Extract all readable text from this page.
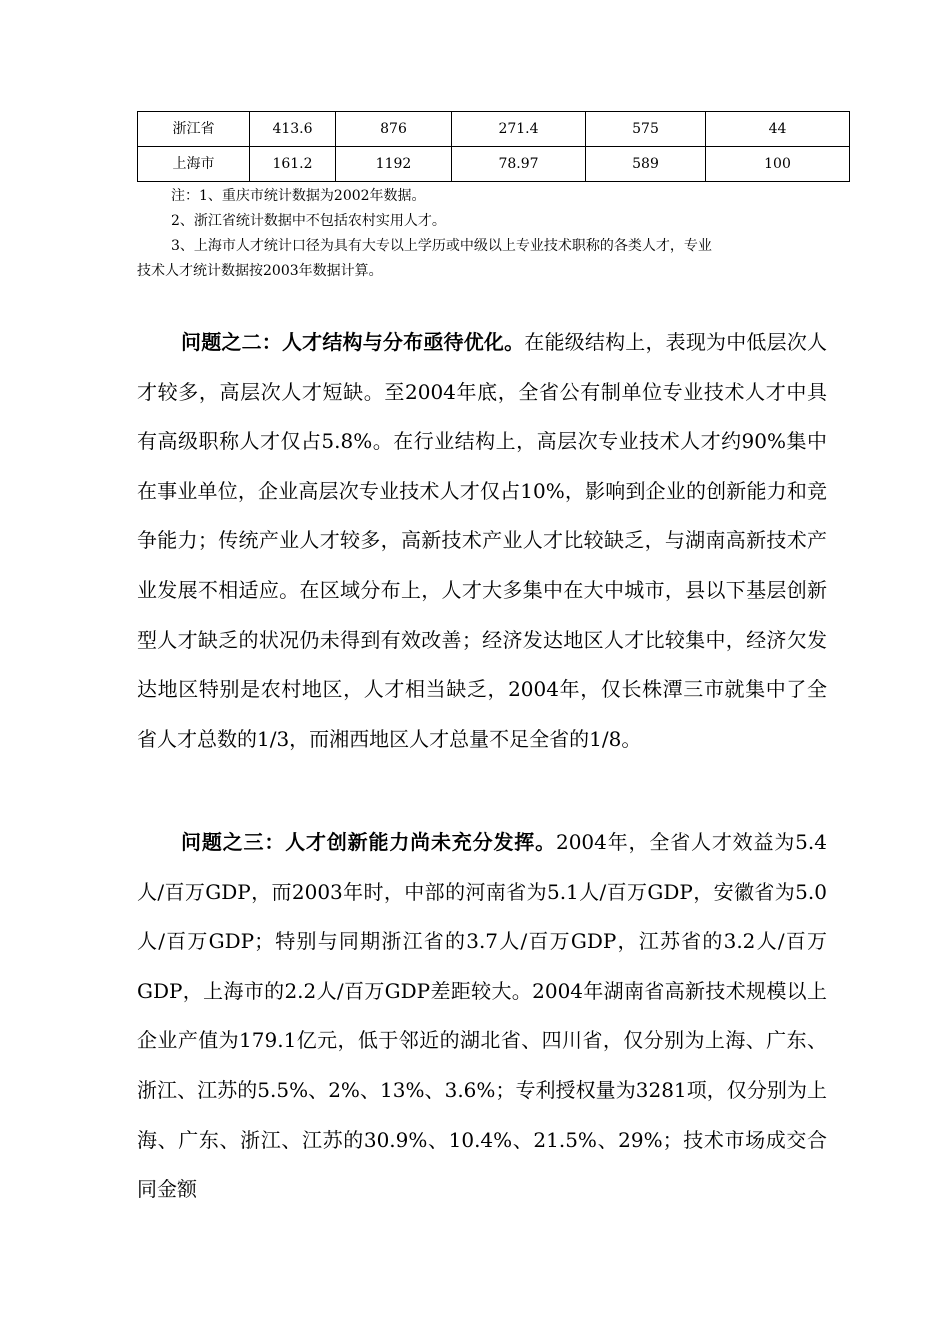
浙江省	413.6	876	271.4	575	44
上海市	161.2	1192	78.97	589	100
注：1、重庆市统计数据为2002年数据。
2、浙江省统计数据中不包括农村实用人才。
3、上海市人才统计口径为具有大专以上学历或中级以上专业技术职称的各类人才，专业
技术人才统计数据按2003年数据计算。

问题之二：人才结构与分布亟待优化。在能级结构上，表现为中低层次人才较多，高层次人才短缺。至2004年底，全省公有制单位专业技术人才中具有高级职称人才仅占5.8%。在行业结构上，高层次专业技术人才约90%集中在事业单位，企业高层次专业技术人才仅占10%，影响到企业的创新能力和竞争能力；传统产业人才较多，高新技术产业人才比较缺乏，与湖南高新技术产业发展不相适应。在区域分布上，人才大多集中在大中城市，县以下基层创新型人才缺乏的状况仍未得到有效改善；经济发达地区人才比较集中，经济欠发达地区特别是农村地区，人才相当缺乏，2004年，仅长株潭三市就集中了全省人才总数的1/3，而湘西地区人才总量不足全省的1/8。

问题之三：人才创新能力尚未充分发挥。2004年，全省人才效益为5.4人/百万GDP，而2003年时，中部的河南省为5.1人/百万GDP，安徽省为5.0人/百万GDP；特别与同期浙江省的3.7人/百万GDP，江苏省的3.2人/百万GDP，上海市的2.2人/百万GDP差距较大。2004年湖南省高新技术规模以上企业产值为179.1亿元，低于邻近的湖北省、四川省，仅分别为上海、广东、浙江、江苏的5.5%、2%、13%、3.6%；专利授权量为3281项，仅分别为上海、广东、浙江、江苏的30.9%、10.4%、21.5%、29%；技术市场成交合同金额
